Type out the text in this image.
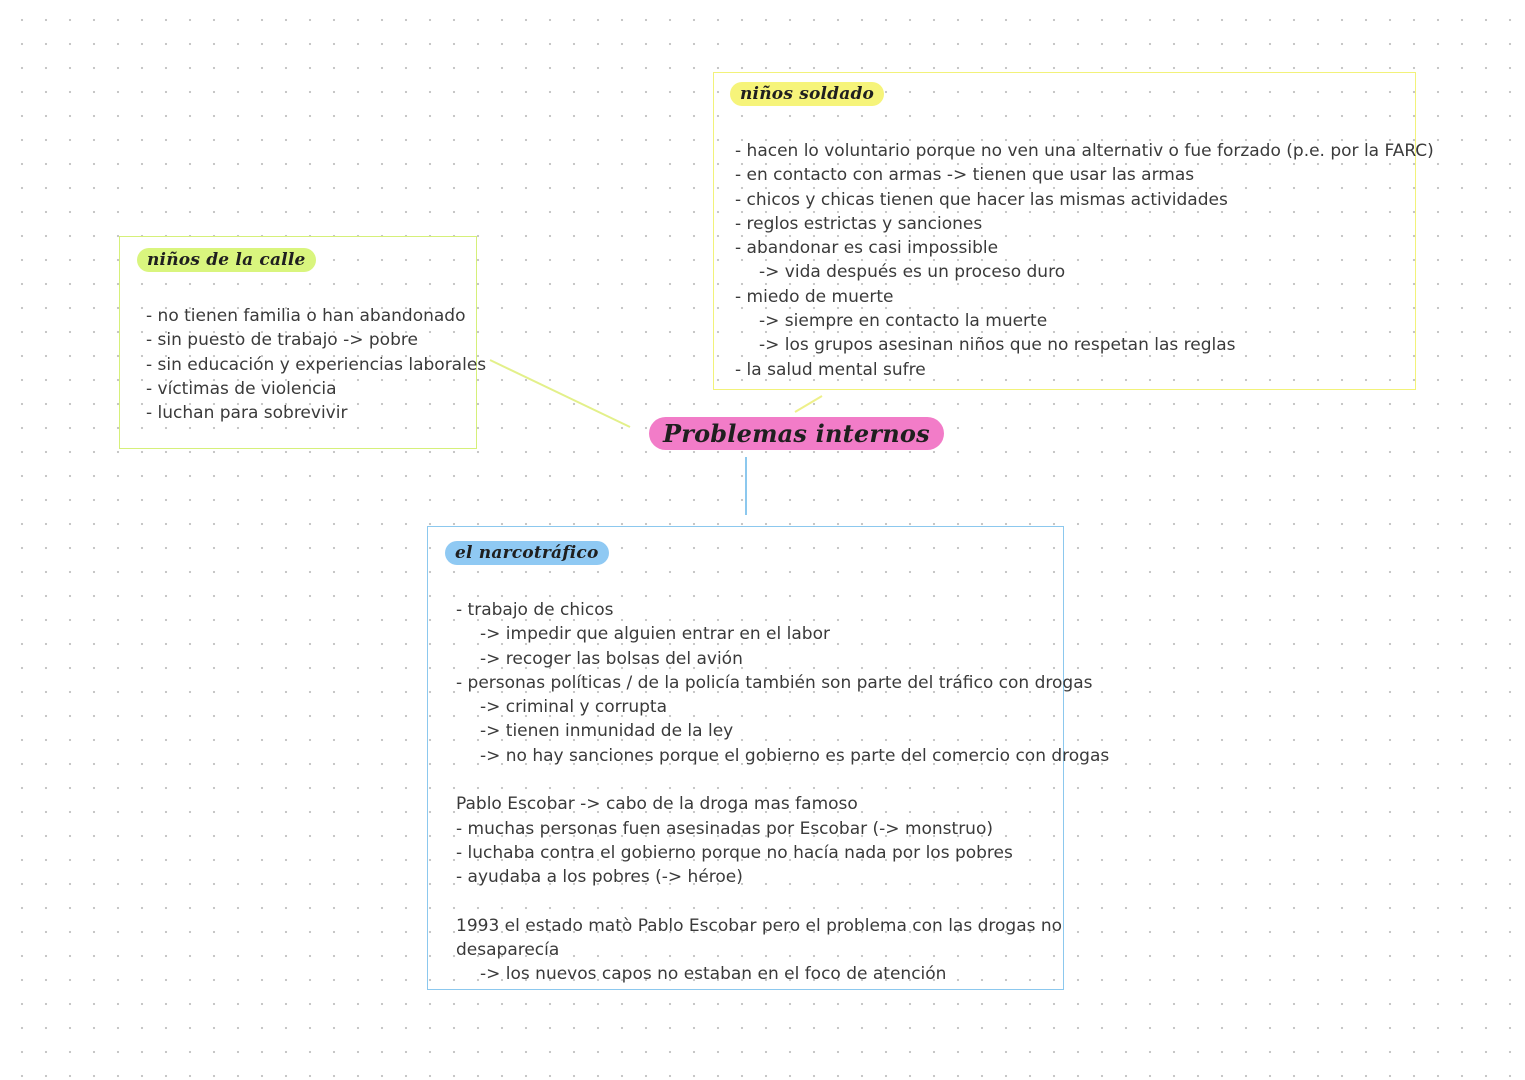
niños soldado
- hacen lo voluntario porque no ven una alternativ o fue forzado (p.e. por la FARC)
- en contacto con armas -> tienen que usar las armas
- chicos y chicas tienen que hacer las mismas actividades
- reglos estrictas y sanciones
- abandonar es casi impossible
-> vida después es un proceso duro
- miedo de muerte
-> siempre en contacto la muerte
-> los grupos asesinan niños que no respetan las reglas
- la salud mental sufre
niños de la calle
- no tienen familia o han abandonado
- sin puesto de trabajo -> pobre
- sin educación y experiencias laborales
- víctimas de violencia
- luchan para sobrevivir
Problemas internos
el narcotráfico
- trabajo de chicos
-> impedir que alguien entrar en el labor
-> recoger las bolsas del avión
- personas políticas / de la policía también son parte del tráfico con drogas
-> criminal y corrupta
-> tienen inmunidad de la ley
-> no hay sanciones porque el gobierno es parte del comercio con drogas
Pablo Escobar -> cabo de la droga mas famoso
- muchas personas fuen asesinadas por Escobar (-> monstruo)
- luchaba contra el gobierno porque no hacía nada por los pobres
- ayudaba a los pobres (-> héroe)
1993 el estado matò Pablo Escobar pero el problema con las drogas no
desaparecía
-> los nuevos capos no estaban en el foco de atención
